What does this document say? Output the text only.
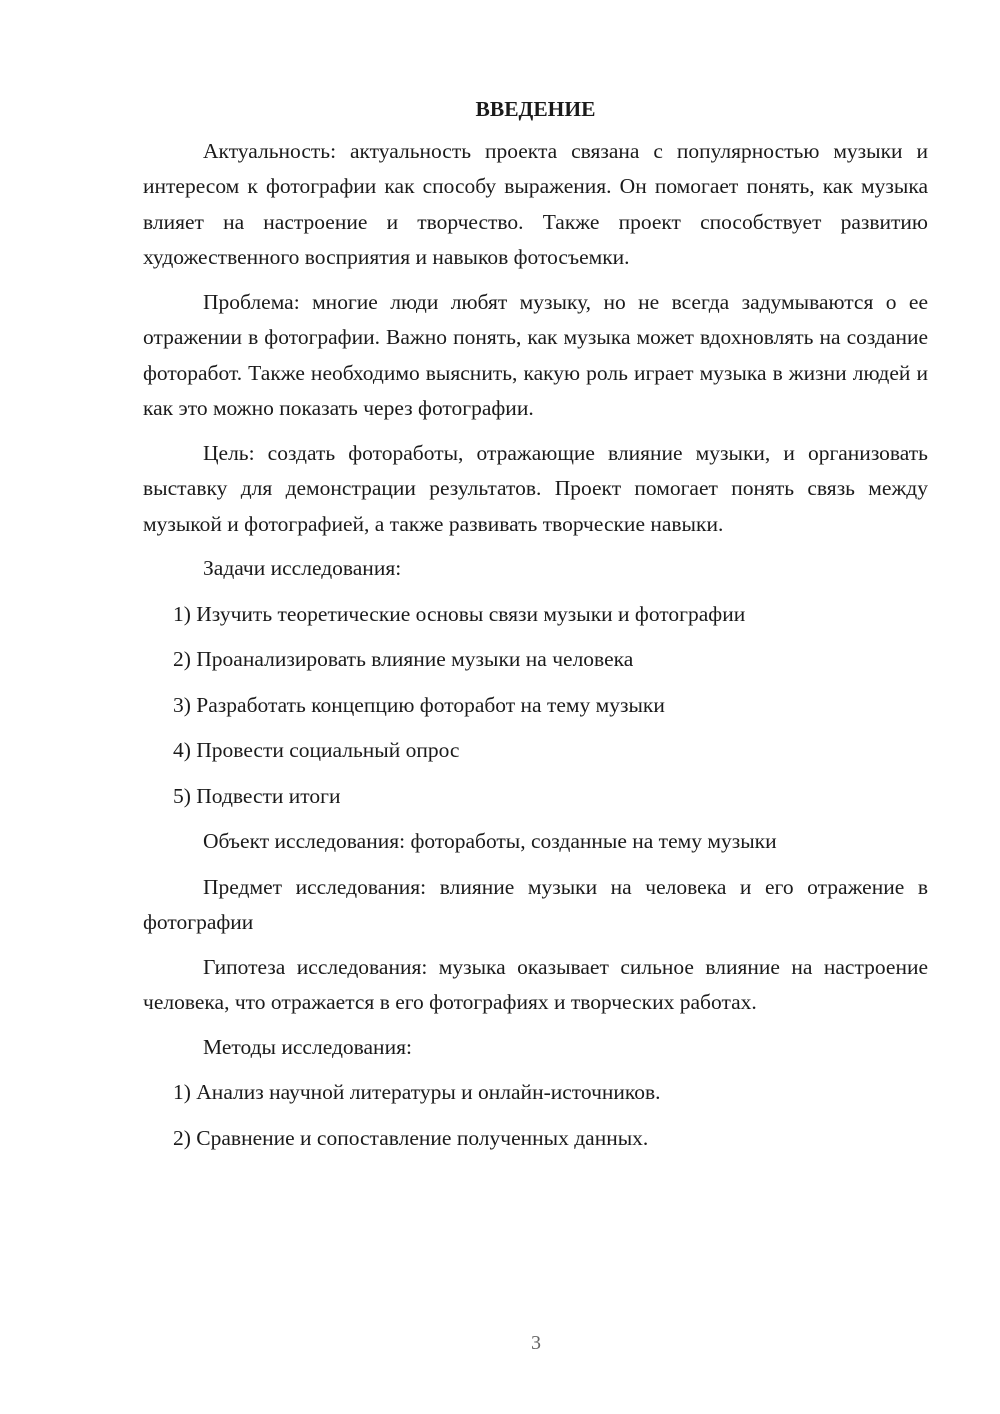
ВВЕДЕНИЕ

Актуальность: актуальность проекта связана с популярностью музыки и интересом к фотографии как способу выражения. Он помогает понять, как музыка влияет на настроение и творчество. Также проект способствует развитию художественного восприятия и навыков фотосъемки.

Проблема: многие люди любят музыку, но не всегда задумываются о ее отражении в фотографии. Важно понять, как музыка может вдохновлять на создание фоторабот. Также необходимо выяснить, какую роль играет музыка в жизни людей и как это можно показать через фотографии.

Цель: создать фотоработы, отражающие влияние музыки, и организовать выставку для демонстрации результатов. Проект помогает понять связь между музыкой и фотографией, а также развивать творческие навыки.

Задачи исследования:

1) Изучить теоретические основы связи музыки и фотографии
2) Проанализировать влияние музыки на человека
3) Разработать концепцию фоторабот на тему музыки
4) Провести социальный опрос
5) Подвести итоги

Объект исследования: фотоработы, созданные на тему музыки

Предмет исследования: влияние музыки на человека и его отражение в фотографии

Гипотеза исследования: музыка оказывает сильное влияние на настроение человека, что отражается в его фотографиях и творческих работах.

Методы исследования:

1) Анализ научной литературы и онлайн-источников.
2) Сравнение и сопоставление полученных данных.
3
